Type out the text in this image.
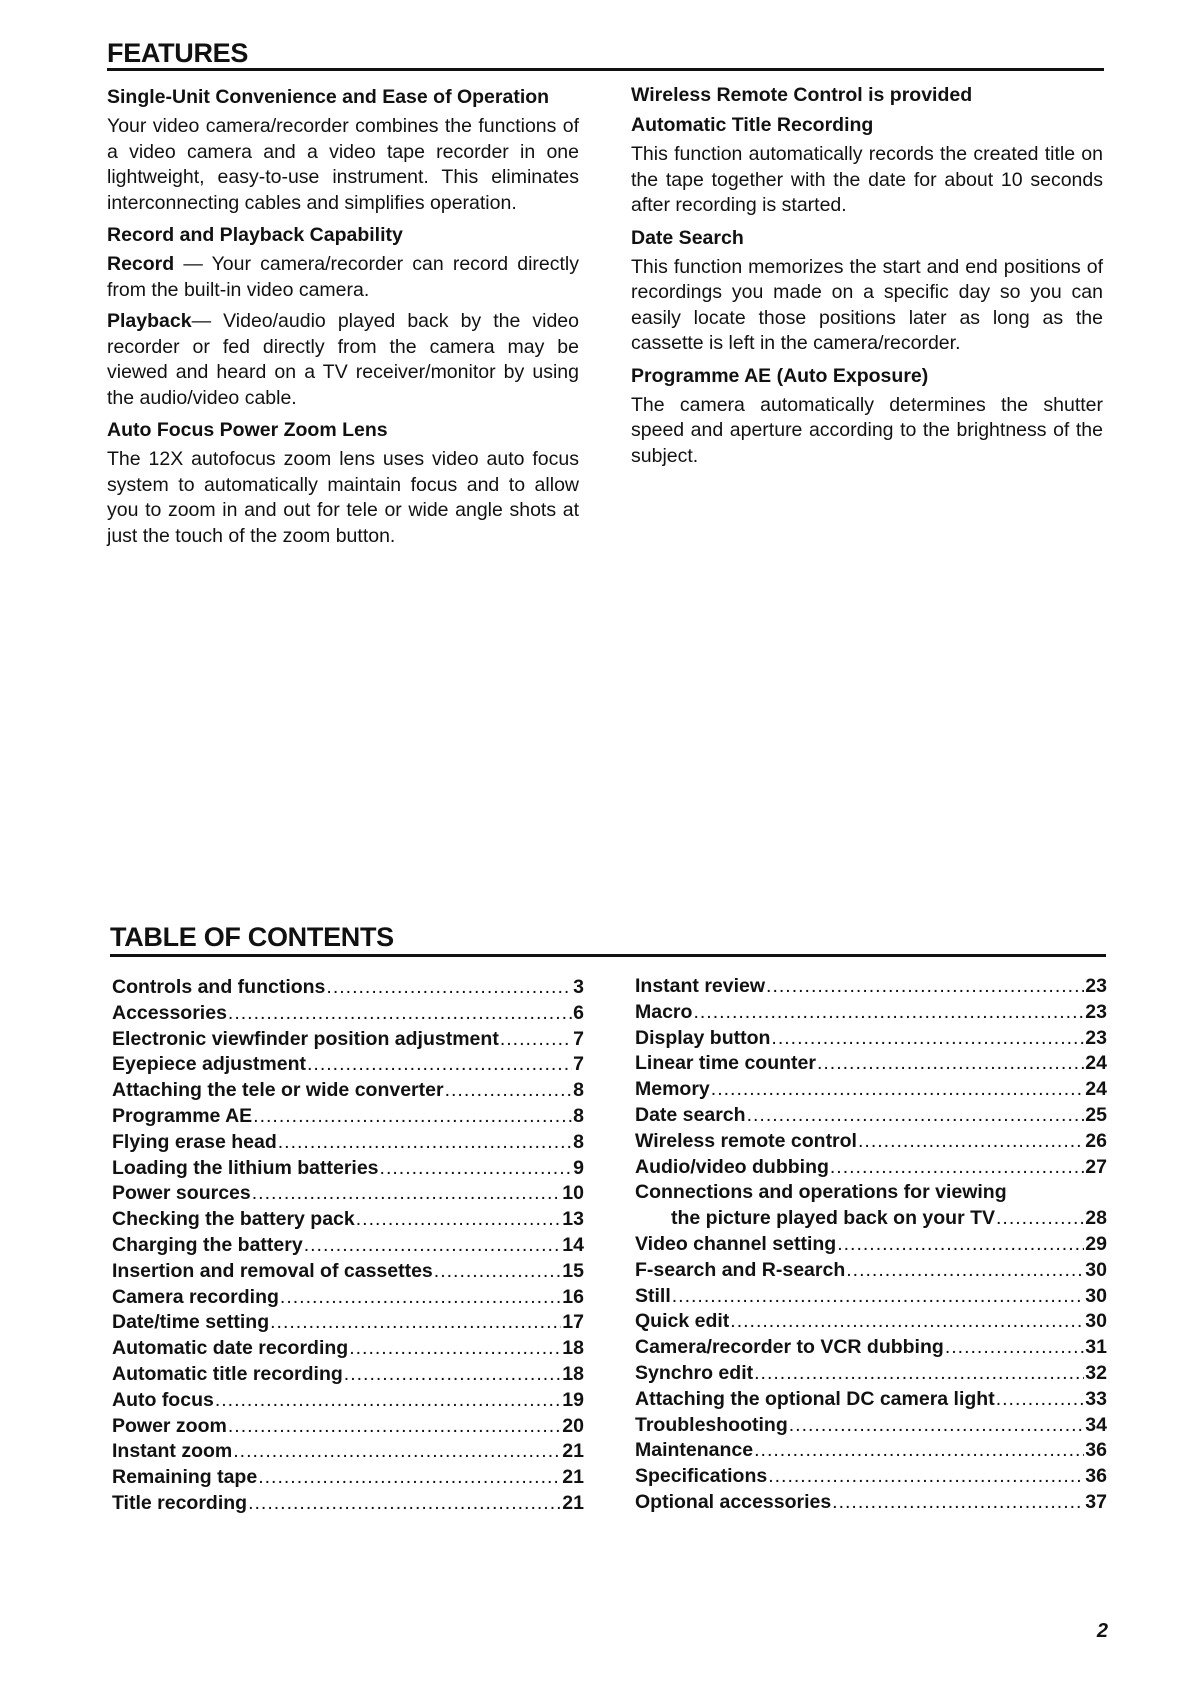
FEATURES
Single-Unit Convenience and Ease of Operation

Your video camera/recorder combines the functions of a video camera and a video tape recorder in one lightweight, easy-to-use instrument. This eliminates interconnecting cables and simplifies operation.

Record and Playback Capability

Record — Your camera/recorder can record directly from the built-in video camera.

Playback— Video/audio played back by the video recorder or fed directly from the camera may be viewed and heard on a TV receiver/monitor by using the audio/video cable.

Auto Focus Power Zoom Lens

The 12X autofocus zoom lens uses video auto focus system to automatically maintain focus and to allow you to zoom in and out for tele or wide angle shots at just the touch of the zoom button.

Wireless Remote Control is provided
Automatic Title Recording

This function automatically records the created title on the tape together with the date for about 10 seconds after recording is started.

Date Search

This function memorizes the start and end positions of recordings you made on a specific day so you can easily locate those positions later as long as the cassette is left in the camera/recorder.

Programme AE (Auto Exposure)

The camera automatically determines the shutter speed and aperture according to the brightness of the subject.

TABLE OF CONTENTS
Controls and functions .....	3
Accessories .....	6
Electronic viewfinder position adjustment .....	7
Eyepiece adjustment .....	7
Attaching the tele or wide converter .....	8
Programme AE .....	8
Flying erase head .....	8
Loading the lithium batteries .....	9
Power sources .....	10
Checking the battery pack .....	13
Charging the battery .....	14
Insertion and removal of cassettes .....	15
Camera recording .....	16
Date/time setting .....	17
Automatic date recording .....	18
Automatic title recording .....	18
Auto focus .....	19
Power zoom .....	20
Instant zoom .....	21
Remaining tape .....	21
Title recording .....	21
Instant review .....	23
Macro .....	23
Display button .....	23
Linear time counter .....	24
Memory .....	24
Date search .....	25
Wireless remote control .....	26
Audio/video dubbing .....	27
Connections and operations for viewing
the picture played back on your TV .....	28
Video channel setting .....	29
F-search and R-search .....	30
Still .....	30
Quick edit .....	30
Camera/recorder to VCR dubbing .....	31
Synchro edit .....	32
Attaching the optional DC camera light .....	33
Troubleshooting .....	34
Maintenance .....	36
Specifications .....	36
Optional accessories .....	37
2
